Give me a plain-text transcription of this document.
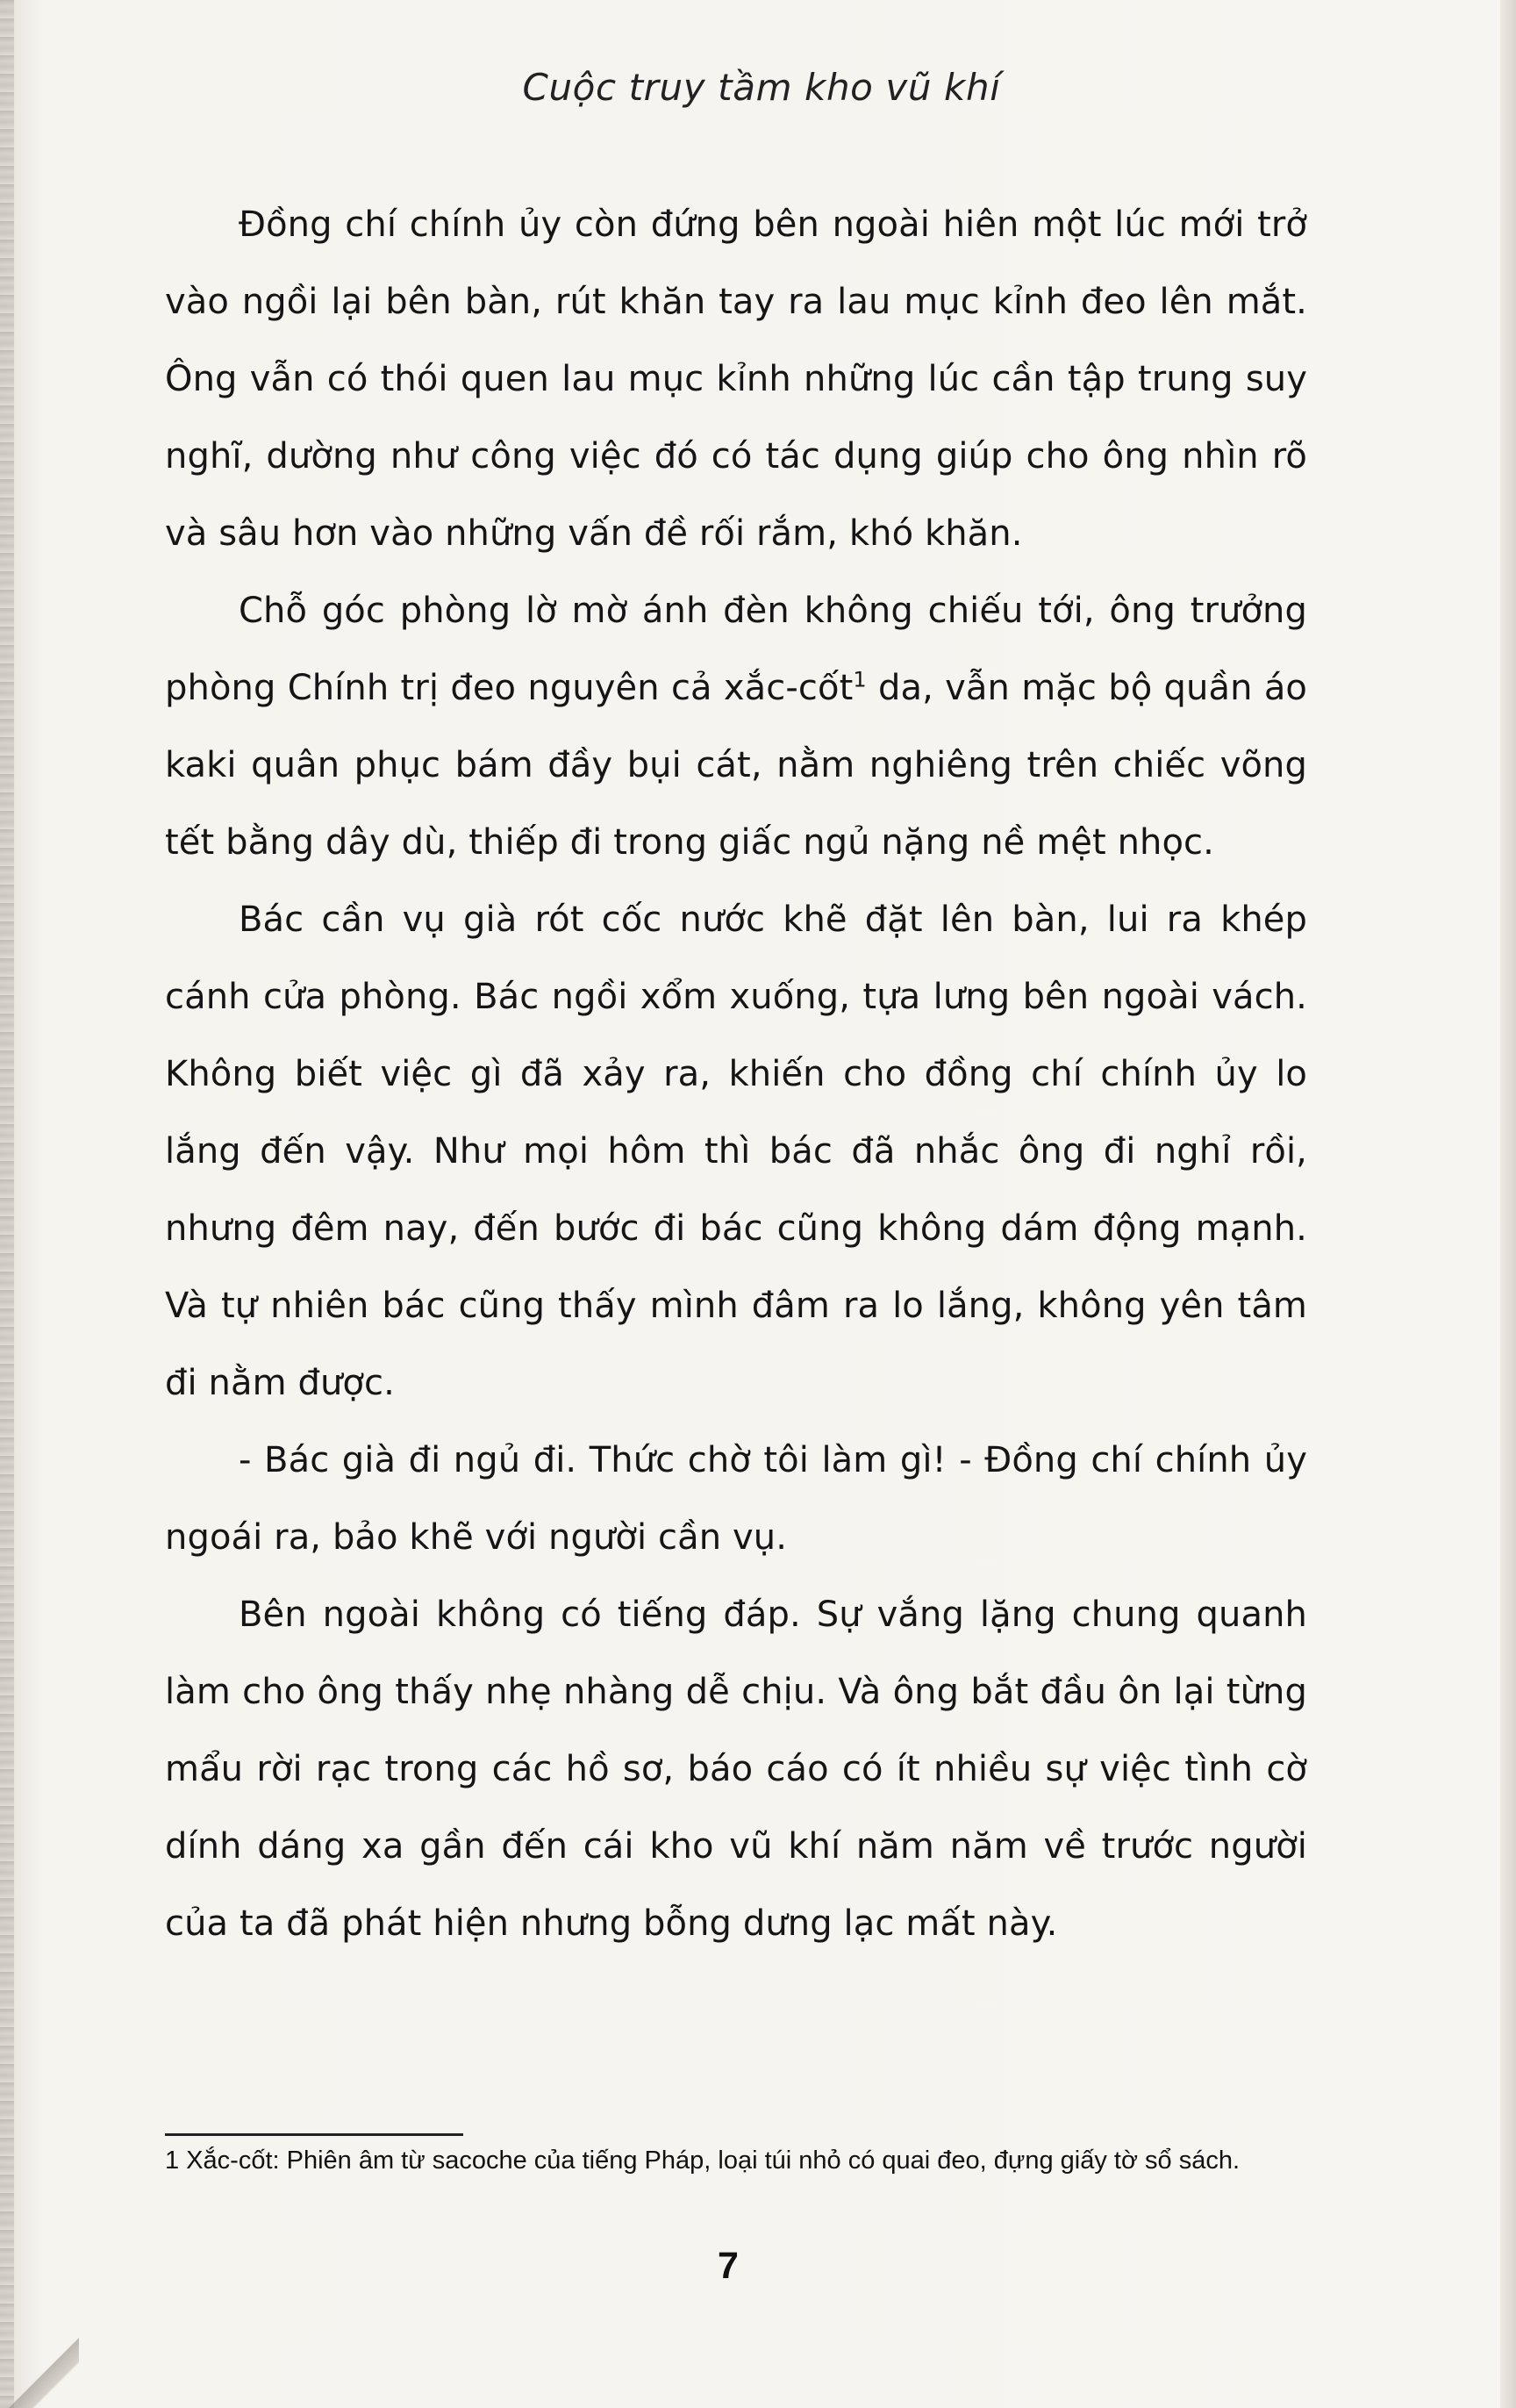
Cuộc truy tầm kho vũ khí

Đồng chí chính ủy còn đứng bên ngoài hiên một lúc mới trở vào ngồi lại bên bàn, rút khăn tay ra lau mục kỉnh đeo lên mắt. Ông vẫn có thói quen lau mục kỉnh những lúc cần tập trung suy nghĩ, dường như công việc đó có tác dụng giúp cho ông nhìn rõ và sâu hơn vào những vấn đề rối rắm, khó khăn.

Chỗ góc phòng lờ mờ ánh đèn không chiếu tới, ông trưởng phòng Chính trị đeo nguyên cả xắc-cốt$^1$ da, vẫn mặc bộ quần áo kaki quân phục bám đầy bụi cát, nằm nghiêng trên chiếc võng tết bằng dây dù, thiếp đi trong giấc ngủ nặng nề mệt nhọc.

Bác cần vụ già rót cốc nước khẽ đặt lên bàn, lui ra khép cánh cửa phòng. Bác ngồi xổm xuống, tựa lưng bên ngoài vách. Không biết việc gì đã xảy ra, khiến cho đồng chí chính ủy lo lắng đến vậy. Như mọi hôm thì bác đã nhắc ông đi nghỉ rồi, nhưng đêm nay, đến bước đi bác cũng không dám động mạnh. Và tự nhiên bác cũng thấy mình đâm ra lo lắng, không yên tâm đi nằm được.

- Bác già đi ngủ đi. Thức chờ tôi làm gì! - Đồng chí chính ủy ngoái ra, bảo khẽ với người cần vụ.

Bên ngoài không có tiếng đáp. Sự vắng lặng chung quanh làm cho ông thấy nhẹ nhàng dễ chịu. Và ông bắt đầu ôn lại từng mẩu rời rạc trong các hồ sơ, báo cáo có ít nhiều sự việc tình cờ dính dáng xa gần đến cái kho vũ khí năm năm về trước người của ta đã phát hiện nhưng bỗng dưng lạc mất này.

1 Xắc-cốt: Phiên âm từ sacoche của tiếng Pháp, loại túi nhỏ có quai đeo, đựng giấy tờ sổ sách.
7
